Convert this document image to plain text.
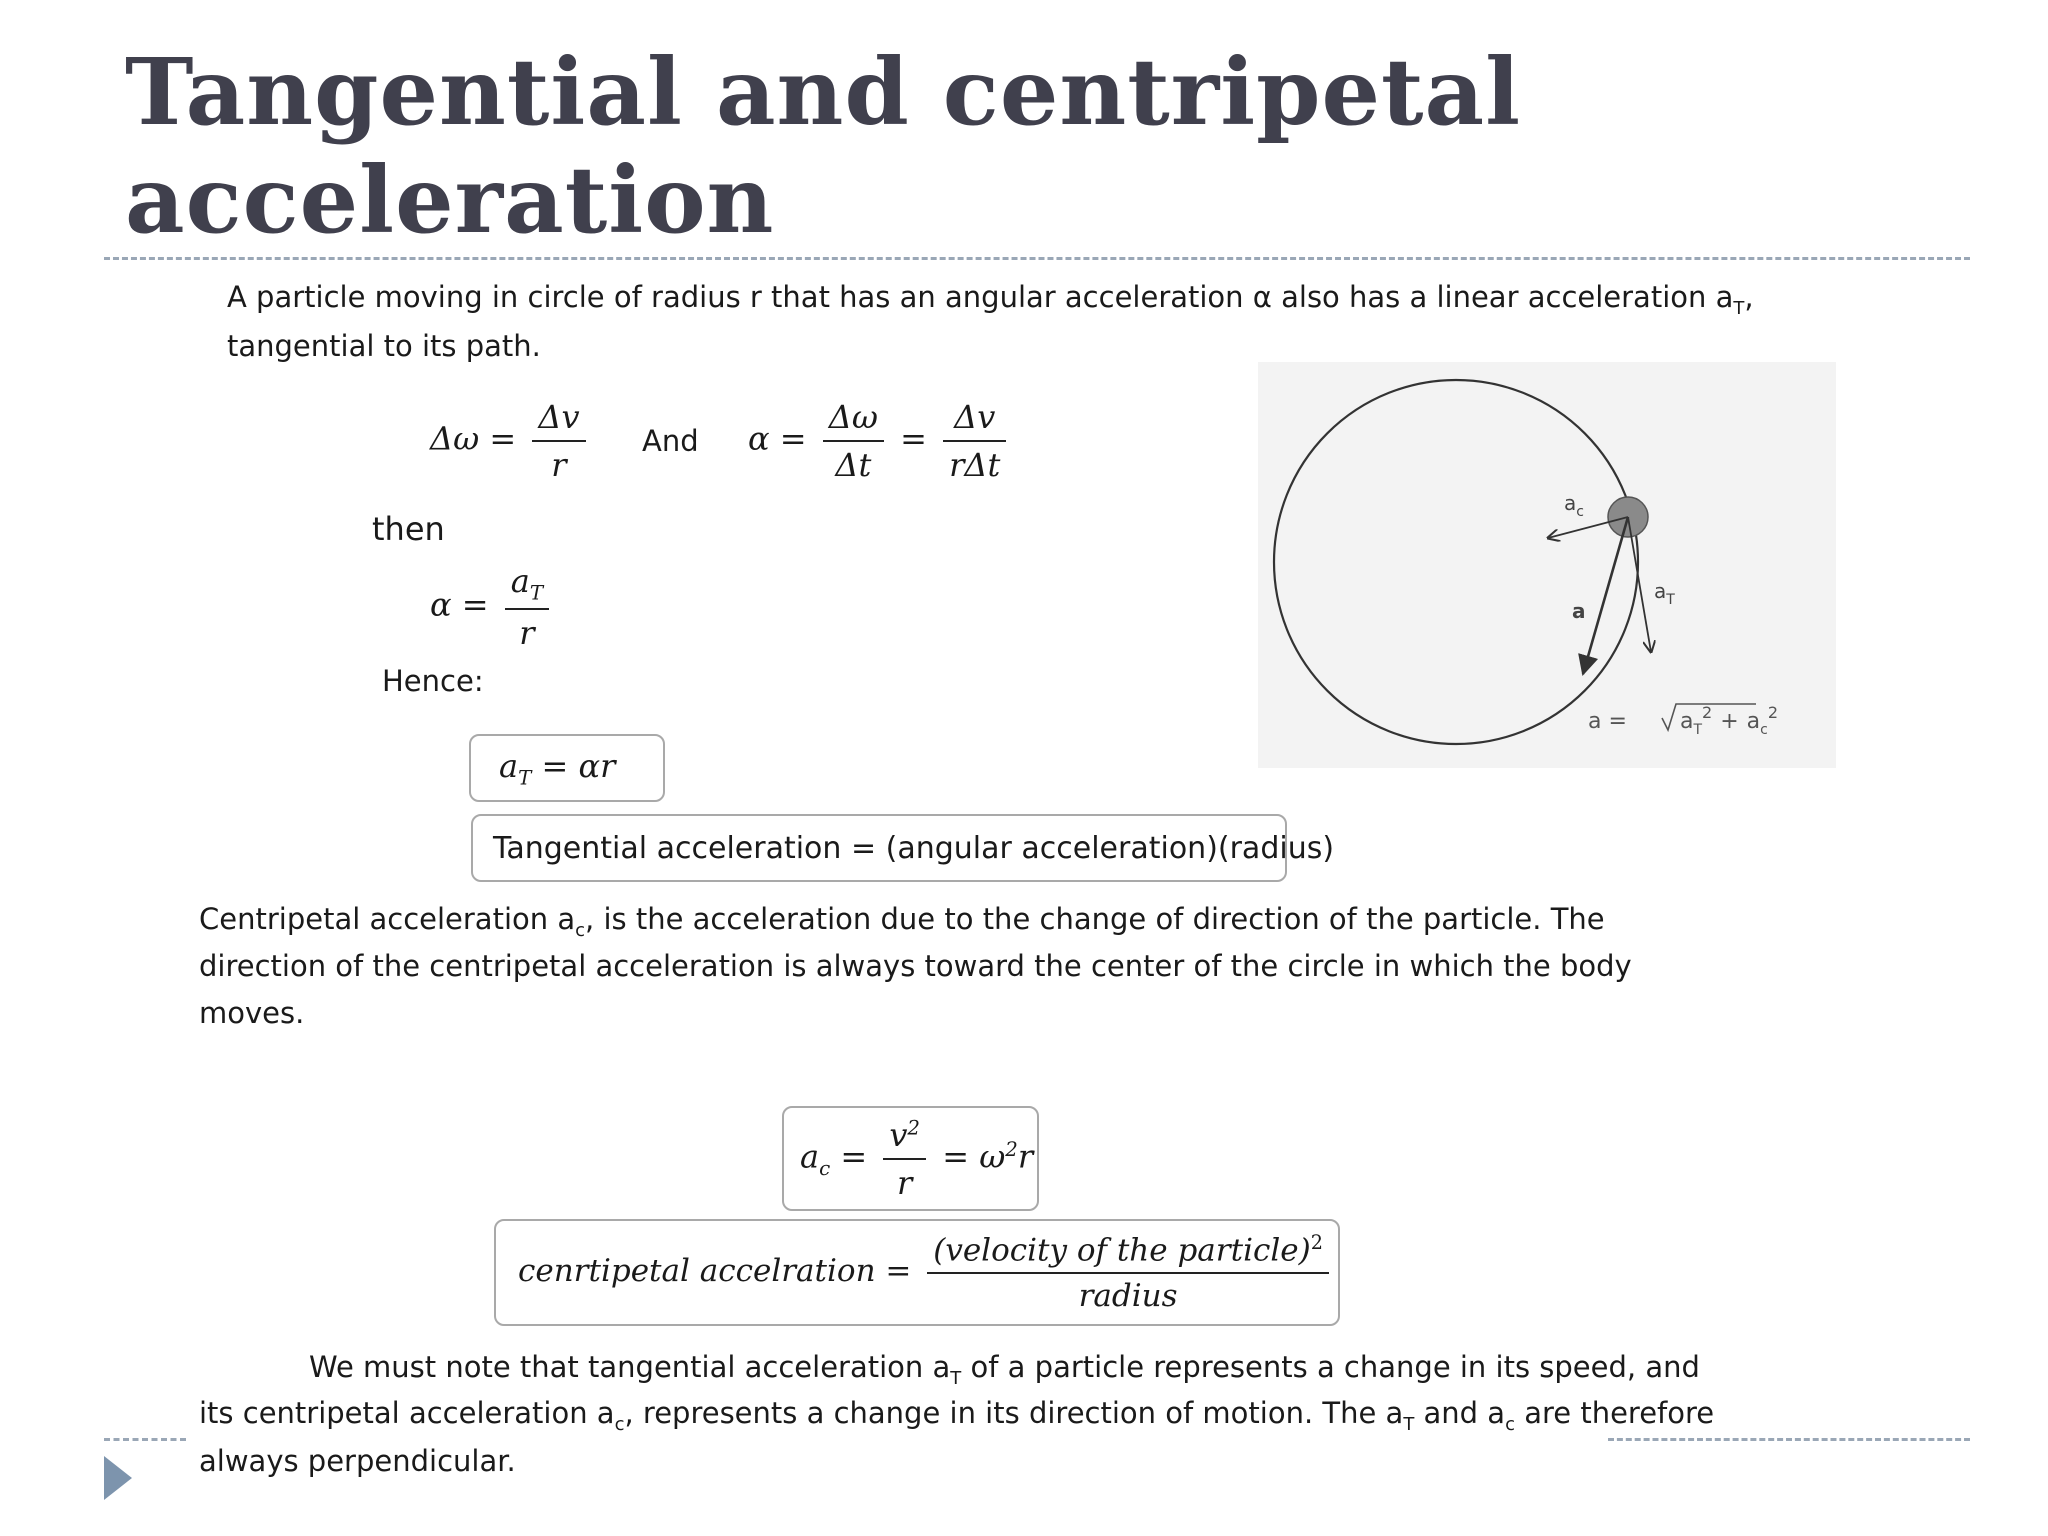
Tangential and centripetal
acceleration
A particle moving in circle of radius r that has an angular acceleration α also has a linear acceleration $a_T$,
tangential to its path.
$\Delta\omega = \frac{\Delta v}{r}$ And $\alpha = \frac{\Delta\omega}{\Delta t} = \frac{\Delta v}{\text{rΔt}}$
then
$\alpha = \frac{a_T}{r}$
Hence:
$a_T = \alpha r$
Tangential acceleration = (angular acceleration)(radius)
Centripetal acceleration $a_c$, is the acceleration due to the change of direction of the particle. The
direction of the centripetal acceleration is always toward the center of the circle in which the body
moves.
$a_c = \frac{v^2}{r} = \omega^2r$
cenrtipetal accelration = $\frac{(velocity of the particle)^2}{\text{radius}}$
We must note that tangential acceleration $a_T$ of a particle represents a change in its speed, and
its centripetal acceleration $a_c$, represents a change in its direction of motion. The $a_T$ and $a_c$ are therefore
always perpendicular.
$a_c$
a
$a_T$
$a = a_T^2 + a_c^2$
